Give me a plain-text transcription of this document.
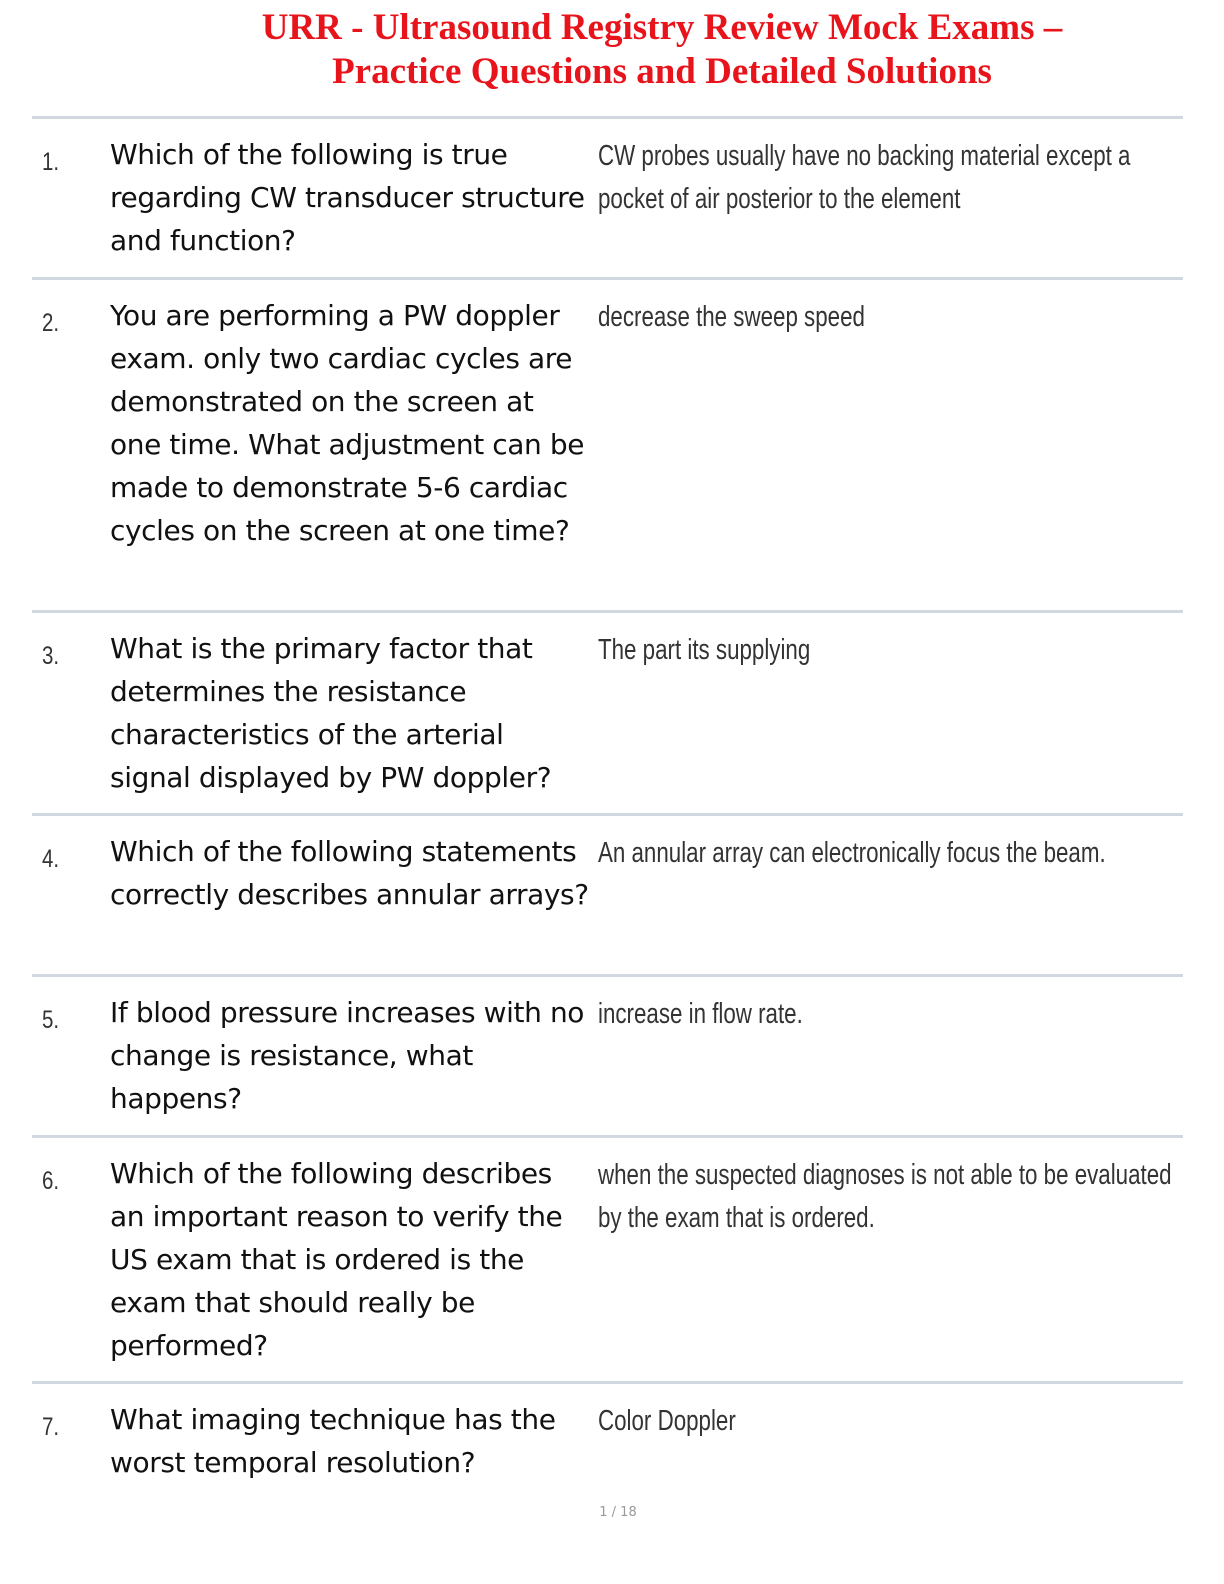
URR - Ultrasound Registry Review Mock Exams –
Practice Questions and Detailed Solutions
1. Which of the following is true regarding CW transducer structure and function?
CW probes usually have no backing material except a
pocket of air posterior to the element
2. You are performing a PW doppler exam. only two cardiac cycles are demonstrated on the screen at one time. What adjustment can be made to demonstrate 5-6 cardiac cycles on the screen at one time?
decrease the sweep speed
3. What is the primary factor that determines the resistance characteristics of the arterial signal displayed by PW doppler?
The part its supplying
4. Which of the following statements correctly describes annular arrays?
An annular array can electronically focus the beam.
5. If blood pressure increases with no change is resistance, what happens?
increase in flow rate.
6. Which of the following describes an important reason to verify the US exam that is ordered is the exam that should really be performed?
when the suspected diagnoses is not able to be evaluated
by the exam that is ordered.
7. What imaging technique has the worst temporal resolution?
Color Doppler
1 / 18
